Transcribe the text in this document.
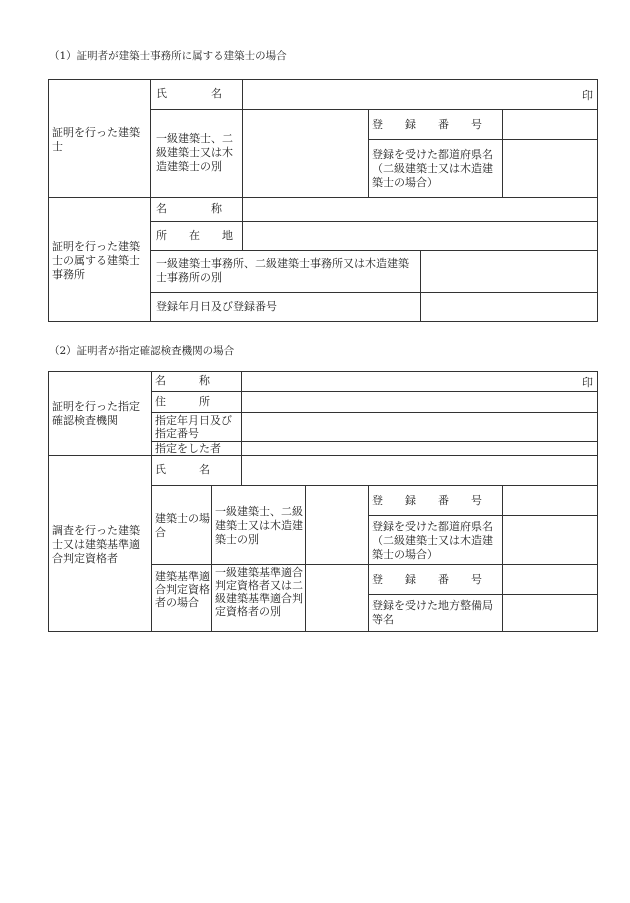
（1）証明者が建築士事務所に属する建築士の場合
（2）証明者が指定確認検査機関の場合
証明を行った建築士
氏　　　　名	印
一級建築士、二級建築士又は木造建築士の別
登　　録　　番　　号
登録を受けた都道府県名（二級建築士又は木造建築士の場合）
証明を行った建築士の属する建築士事務所
名　　　　称
所　　在　　地
一級建築士事務所、二級建築士事務所又は木造建築士事務所の別
登録年月日及び登録番号
証明を行った指定確認検査機関
名　　　称	印
住　　　所
指定年月日及び指定番号
指定をした者
調査を行った建築士又は建築基準適合判定資格者
氏　　　名
建築士の場合
一級建築士、二級建築士又は木造建築士の別
登　　録　　番　　号
登録を受けた都道府県名（二級建築士又は木造建築士の場合）
建築基準適合判定資格者の場合
一級建築基準適合判定資格者又は二級建築基準適合判定資格者の別
登　　録　　番　　号
登録を受けた地方整備局等名
